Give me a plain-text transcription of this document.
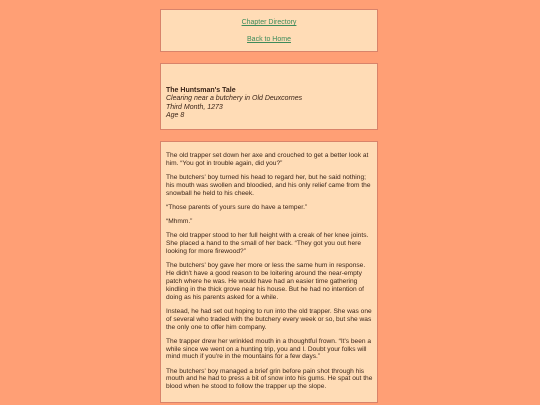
Chapter Directory
Back to Home
The Huntsman's Tale
Clearing near a butchery in Old Deuxcornes
Third Month, 1273
Age 8

The old trapper set down her axe and crouched to get a better look at him. “You got in trouble again, did you?”

The butchers' boy turned his head to regard her, but he said nothing; his mouth was swollen and bloodied, and his only relief came from the snowball he held to his cheek.

“Those parents of yours sure do have a temper.”

“Mhmm.”

The old trapper stood to her full height with a creak of her knee joints. She placed a hand to the small of her back. “They got you out here looking for more firewood?”

The butchers' boy gave her more or less the same hum in response. He didn't have a good reason to be loitering around the near-empty patch where he was. He would have had an easier time gathering kindling in the thick grove near his house. But he had no intention of doing as his parents asked for a while.

Instead, he had set out hoping to run into the old trapper. She was one of several who traded with the butchery every week or so, but she was the only one to offer him company.

The trapper drew her wrinkled mouth in a thoughtful frown. “It's been a while since we went on a hunting trip, you and I. Doubt your folks will mind much if you're in the mountains for a few days.”

The butchers' boy managed a brief grin before pain shot through his mouth and he had to press a bit of snow into his gums. He spat out the blood when he stood to follow the trapper up the slope.
